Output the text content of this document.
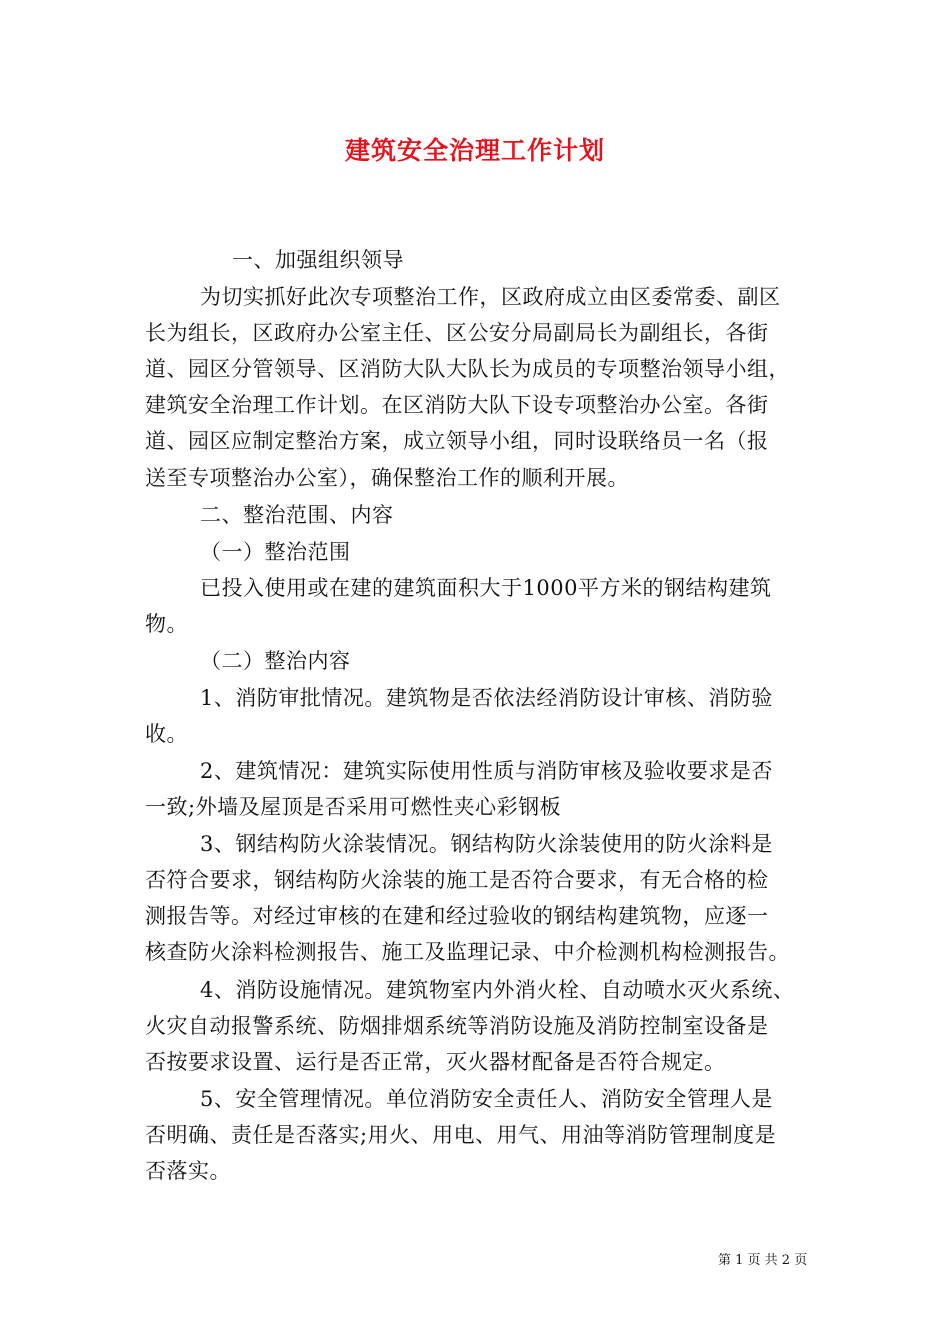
建筑安全治理工作计划
一、加强组织领导
为切实抓好此次专项整治工作，区政府成立由区委常委、副区
长为组长，区政府办公室主任、区公安分局副局长为副组长，各街
道、园区分管领导、区消防大队大队长为成员的专项整治领导小组，
建筑安全治理工作计划。在区消防大队下设专项整治办公室。各街
道、园区应制定整治方案，成立领导小组，同时设联络员一名（报
送至专项整治办公室），确保整治工作的顺利开展。
二、整治范围、内容
（一）整治范围
已投入使用或在建的建筑面积大于1000平方米的钢结构建筑
物。
（二）整治内容
1、消防审批情况。建筑物是否依法经消防设计审核、消防验
收。
2、建筑情况：建筑实际使用性质与消防审核及验收要求是否
一致;外墙及屋顶是否采用可燃性夹心彩钢板
3、钢结构防火涂装情况。钢结构防火涂装使用的防火涂料是
否符合要求，钢结构防火涂装的施工是否符合要求，有无合格的检
测报告等。对经过审核的在建和经过验收的钢结构建筑物，应逐一
核查防火涂料检测报告、施工及监理记录、中介检测机构检测报告。
4、消防设施情况。建筑物室内外消火栓、自动喷水灭火系统、
火灾自动报警系统、防烟排烟系统等消防设施及消防控制室设备是
否按要求设置、运行是否正常，灭火器材配备是否符合规定。
5、安全管理情况。单位消防安全责任人、消防安全管理人是
否明确、责任是否落实;用火、用电、用气、用油等消防管理制度是
否落实。
第 1 页 共 2 页
